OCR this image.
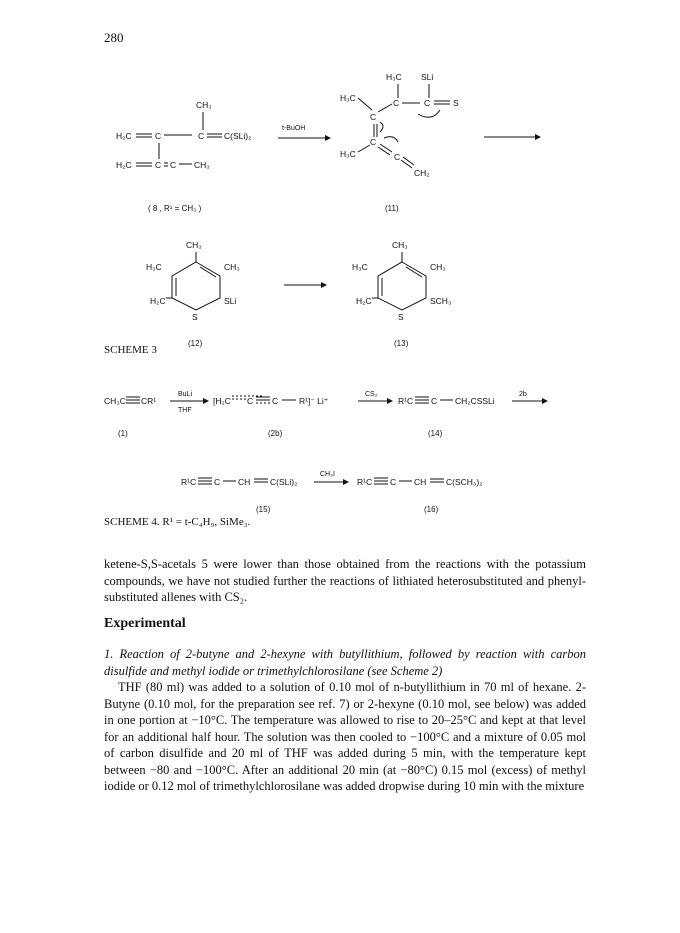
280
CH₃
H₂C	C	C C(SLi)₂
H₂C	C C CH₃
( 8 , R¹ = CH₃ )
t-BuOH
H₃C SLi
H₃C	C	C	S
C
C
H₃C	C
CH₂
(11)
CH₃
H₃C	CH₃
H₂C
S
SLi
(12)
CH₃
H₃C	CH₃
H₂C
S
SCH₃
(13)
CH₃C CR¹
BuLi
THF
[H₂C C C R¹]⁻ Li⁺
CS₂
R¹C C CH₂CSSLi
2b
(1)	(2b)	(14)
R¹C C CH C(SLi)₂
CH₃I
R¹C C CH C(SCH₃)₂
(15)	(16)
SCHEME 3
SCHEME 4. R¹ = t-C₄H₉, SiMe₃.

ketene-S,S-acetals 5 were lower than those obtained from the reactions with the potassium compounds, we have not studied further the reactions of lithiated heterosubstituted and phenyl-substituted allenes with CS₂.

Experimental

1. Reaction of 2-butyne and 2-hexyne with butyllithium, followed by reaction with carbon disulfide and methyl iodide or trimethylchlorosilane (see Scheme 2)

THF (80 ml) was added to a solution of 0.10 mol of n-butyllithium in 70 ml of hexane. 2-Butyne (0.10 mol, for the preparation see ref. 7) or 2-hexyne (0.10 mol, see below) was added in one portion at −10°C. The temperature was allowed to rise to 20–25°C and kept at that level for an additional half hour. The solution was then cooled to −100°C and a mixture of 0.05 mol of carbon disulfide and 20 ml of THF was added during 5 min, with the temperature kept between −80 and −100°C. After an additional 20 min (at −80°C) 0.15 mol (excess) of methyl iodide or 0.12 mol of trimethylchlorosilane was added dropwise during 10 min with the mixture
